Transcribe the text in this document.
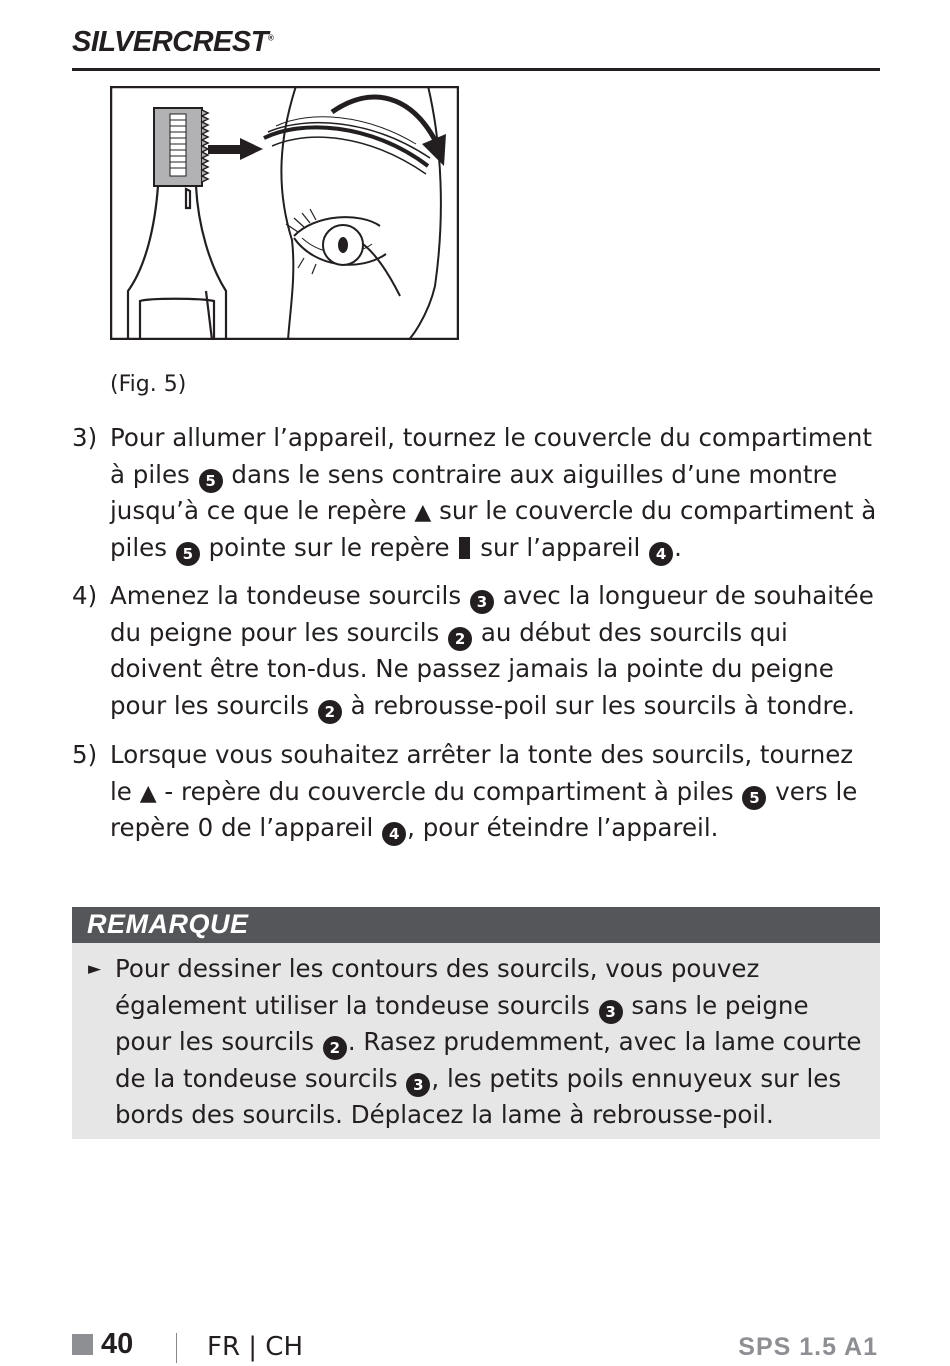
SILVERCREST®
(Fig. 5)
3) Pour allumer l’appareil, tournez le couvercle du compartiment à piles 5 dans le sens contraire aux aiguilles d’une montre jusqu’à ce que le repère ▲ sur le couvercle du compartiment à piles 5 pointe sur le repère sur l’appareil 4 .
4) Amenez la tondeuse sourcils 3 avec la longueur de souhaitée du peigne pour les sourcils 2 au début des sourcils qui doivent être ton-dus. Ne passez jamais la pointe du peigne pour les sourcils 2 à rebrousse-poil sur les sourcils à tondre.
5) Lorsque vous souhaitez arrêter la tonte des sourcils, tournez le ▲ - repère du couvercle du compartiment à piles 5 vers le repère 0 de l’appareil 4 , pour éteindre l’appareil.
REMARQUE
► Pour dessiner les contours des sourcils, vous pouvez également utiliser la tondeuse sourcils 3 sans le peigne pour les sourcils 2 . Rasez prudemment, avec la lame courte de la tondeuse sourcils 3 , les petits poils ennuyeux sur les bords des sourcils. Déplacez la lame à rebrousse-poil.
40	FR | CH	SPS 1.5 A1
